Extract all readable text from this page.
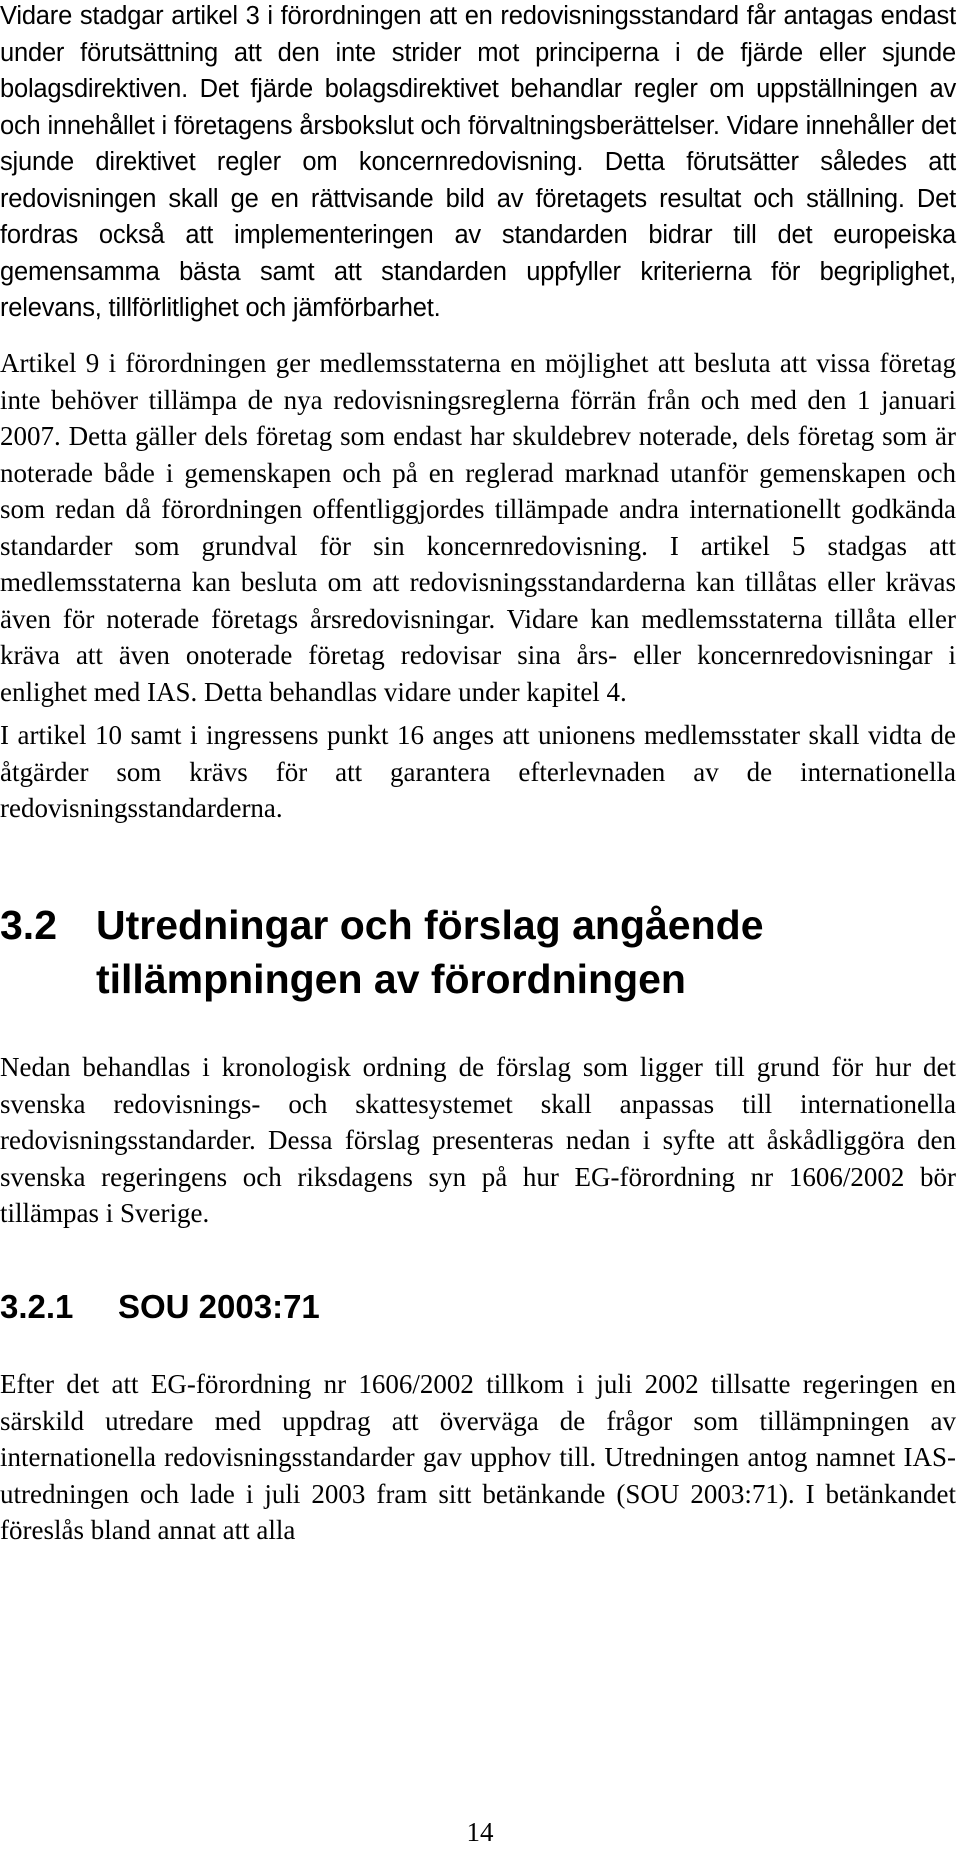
Vidare stadgar artikel 3 i förordningen att en redovisningsstandard får antagas endast under förutsättning att den inte strider mot principerna i de fjärde eller sjunde bolagsdirektiven. Det fjärde bolagsdirektivet behandlar regler om uppställningen av och innehållet i företagens årsbokslut och förvaltningsberättelser. Vidare innehåller det sjunde direktivet regler om koncernredovisning. Detta förutsätter således att redovisningen skall ge en rättvisande bild av företagets resultat och ställning. Det fordras också att implementeringen av standarden bidrar till det europeiska gemensamma bästa samt att standarden uppfyller kriterierna för begriplighet, relevans, tillförlitlighet och jämförbarhet.

Artikel 9 i förordningen ger medlemsstaterna en möjlighet att besluta att vissa företag inte behöver tillämpa de nya redovisningsreglerna förrän från och med den 1 januari 2007. Detta gäller dels företag som endast har skuldebrev noterade, dels företag som är noterade både i gemenskapen och på en reglerad marknad utanför gemenskapen och som redan då förordningen offentliggjordes tillämpade andra internationellt godkända standarder som grundval för sin koncernredovisning. I artikel 5 stadgas att medlemsstaterna kan besluta om att redovisningsstandarderna kan tillåtas eller krävas även för noterade företags årsredovisningar. Vidare kan medlemsstaterna tillåta eller kräva att även onoterade företag redovisar sina års- eller koncernredovisningar i enlighet med IAS. Detta behandlas vidare under kapitel 4.

I artikel 10 samt i ingressens punkt 16 anges att unionens medlemsstater skall vidta de åtgärder som krävs för att garantera efterlevnaden av de internationella redovisningsstandarderna.

3.2 Utredningar och förslag angående tillämpningen av förordningen

Nedan behandlas i kronologisk ordning de förslag som ligger till grund för hur det svenska redovisnings- och skattesystemet skall anpassas till internationella redovisningsstandarder. Dessa förslag presenteras nedan i syfte att åskådliggöra den svenska regeringens och riksdagens syn på hur EG-förordning nr 1606/2002 bör tillämpas i Sverige.

3.2.1 SOU 2003:71

Efter det att EG-förordning nr 1606/2002 tillkom i juli 2002 tillsatte regeringen en särskild utredare med uppdrag att överväga de frågor som tillämpningen av internationella redovisningsstandarder gav upphov till. Utredningen antog namnet IAS-utredningen och lade i juli 2003 fram sitt betänkande (SOU 2003:71). I betänkandet föreslås bland annat att alla

14
